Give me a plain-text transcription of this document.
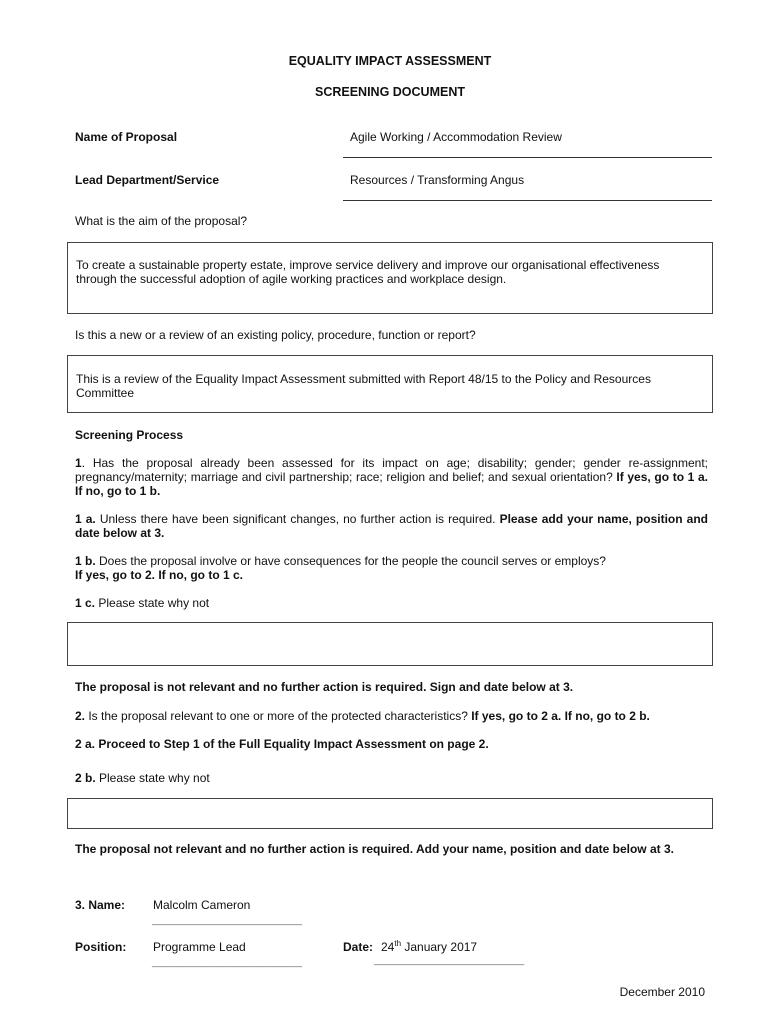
EQUALITY IMPACT ASSESSMENT
SCREENING DOCUMENT
Name of Proposal	Agile Working / Accommodation Review
Lead Department/Service	Resources / Transforming Angus
What is the aim of the proposal?
To create a sustainable property estate, improve service delivery and improve our organisational effectiveness through the successful adoption of agile working practices and workplace design.
Is this a new or a review of an existing policy, procedure, function or report?
This is a review of the Equality Impact Assessment submitted with Report 48/15 to the Policy and Resources Committee
Screening Process
1. Has the proposal already been assessed for its impact on age; disability; gender; gender re-assignment; pregnancy/maternity; marriage and civil partnership; race; religion and belief; and sexual orientation? If yes, go to 1 a. If no, go to 1 b.
1 a. Unless there have been significant changes, no further action is required. Please add your name, position and date below at 3.
1 b. Does the proposal involve or have consequences for the people the council serves or employs?
If yes, go to 2. If no, go to 1 c.
1 c. Please state why not
The proposal is not relevant and no further action is required. Sign and date below at 3.
2. Is the proposal relevant to one or more of the protected characteristics? If yes, go to 2 a. If no, go to 2 b.
2 a. Proceed to Step 1 of the Full Equality Impact Assessment on page 2.
2 b. Please state why not
The proposal not relevant and no further action is required. Add your name, position and date below at 3.
3. Name: Malcolm Cameron
______________________________
Position: Programme Lead
______________________________
Date: 24th January 2017
______________________________
December 2010
